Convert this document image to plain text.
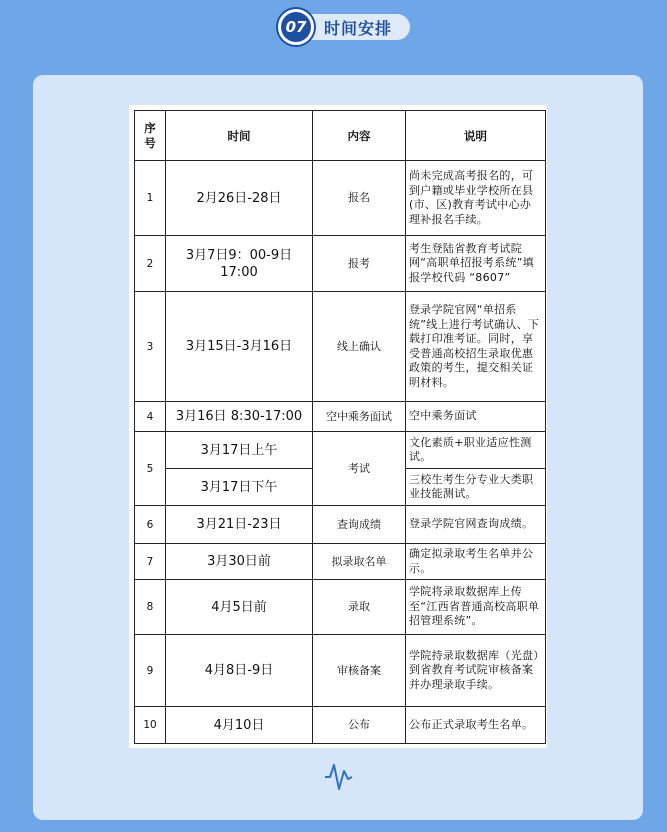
07	时间安排
序号	时间	内容	说明
1	2月26日-28日	报名	尚未完成高考报名的，可到户籍或毕业学校所在县(市、区)教育考试中心办理补报名手续。
2	3月7日9：00-9日 17:00	报考	考生登陆省教育考试院网“高职单招报考系统”填报学校代码 “8607”
3	3月15日-3月16日	线上确认	登录学院官网“单招系统”线上进行考试确认、下载打印准考证。同时，享受普通高校招生录取优惠政策的考生，提交相关证明材料。
4	3月16日 8:30-17:00	空中乘务面试	空中乘务面试
5	3月17日上午	考试	文化素质+职业适应性测试。
	3月17日下午		三校生考生分专业大类职业技能测试。
6	3月21日-23日	查询成绩	登录学院官网查询成绩。
7	3月30日前	拟录取名单	确定拟录取考生名单并公示。
8	4月5日前	录取	学院将录取数据库上传至“江西省普通高校高职单招管理系统”。
9	4月8日-9日	审核备案	学院持录取数据库（光盘）到省教育考试院审核备案并办理录取手续。
10	4月10日	公布	公布正式录取考生名单。
